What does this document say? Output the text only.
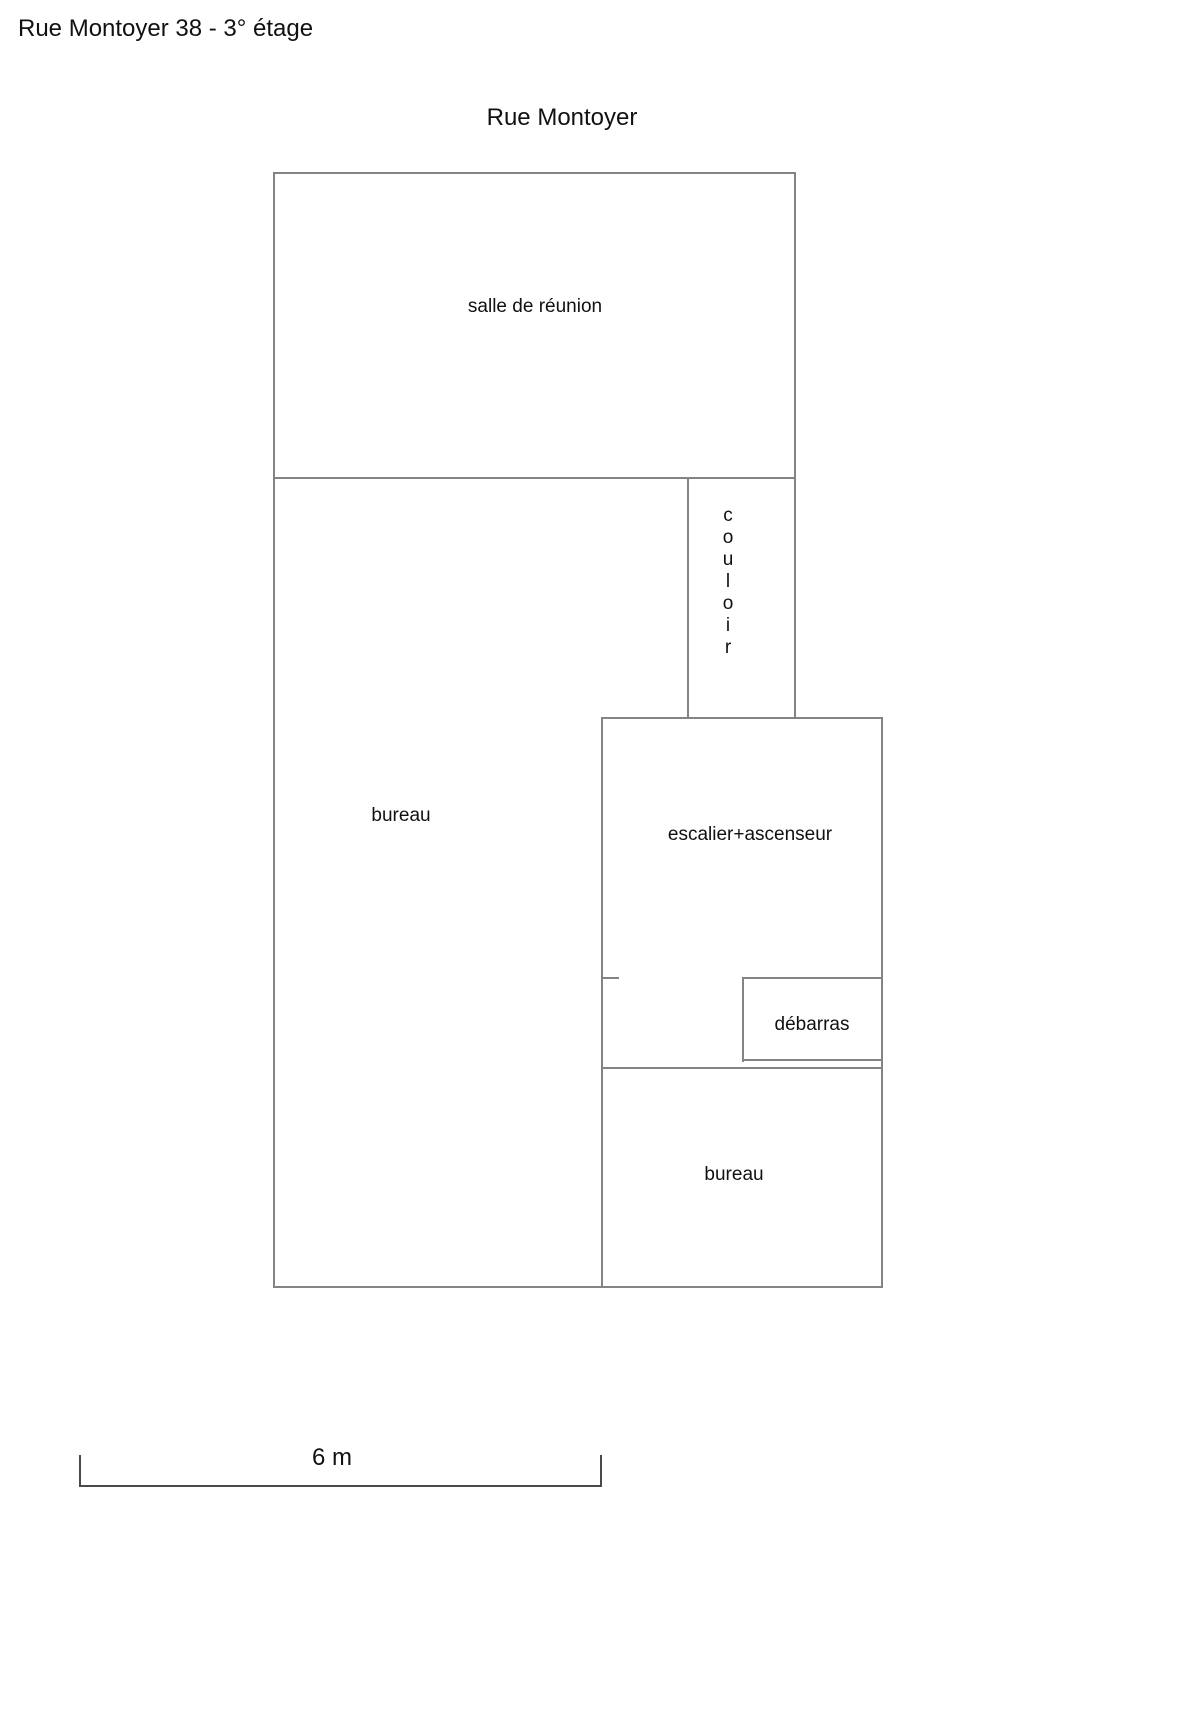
Rue Montoyer 38 - 3° étage
Rue Montoyer
salle de réunion
bureau
escalier+ascenseur
débarras
bureau
c
o
u
l
o
i
r
6 m
